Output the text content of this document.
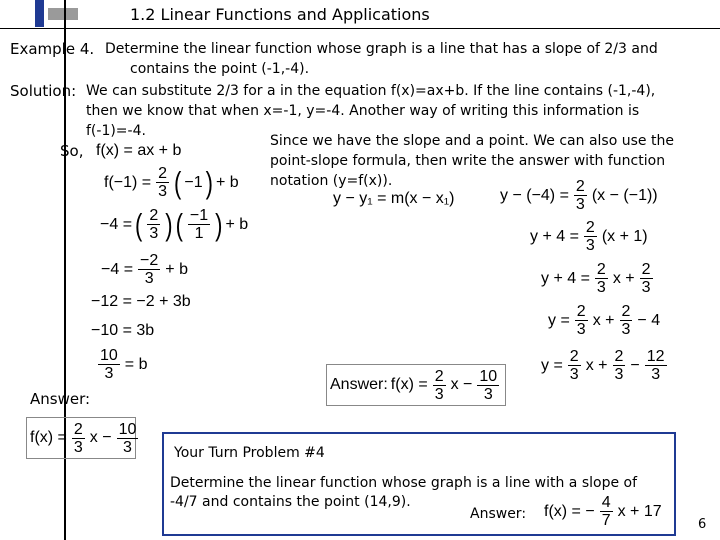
1.2 Linear Functions and Applications
Example 4. Determine the linear function whose graph is a line that has a slope of 2/3 and
contains the point (-1,-4).
Solution: We can substitute 2/3 for a in the equation f(x)=ax+b. If the line contains (-1,-4),
then we know that when x=-1, y=-4. Another way of writing this information is
f(-1)=-4.
So,
Since we have the slope and a point. We can also use the
point-slope formula, then write the answer with function
notation (y=f(x)).
f(x) = ax + b
$f(-1) = \frac{2}{3}$ ( −1 ) + b
−4 = ( $\frac{2}{3}$ ) ( $\frac{-1}{1}$ ) + b
$-4 = \frac{-2}{3} + b$
−12 = −2 + 3b
−10 = 3b
$\frac{10}{3} = b$
y − y₁ = m(x − x₁)	$y - (-4) = \frac{2}{3} (x - (-1))$
$y + 4 = \frac{2}{3} (x + 1)$
$y + 4 = \frac{2}{3}$ $x + \frac{2}{3}$
$y = \frac{2}{3}$ $x + \frac{2}{3} - 4$
$y = \frac{2}{3}$ $x + \frac{2}{3} - \frac{12}{3}$
Answer: $f(x) = \frac{2}{3}$ $x - \frac{10}{3}$
Answer:
$f(x) = \frac{2}{3}$ $x - \frac{10}{3}$	Your Turn Problem #4
Determine the linear function whose graph is a line with a slope of
-4/7 and contains the point (14,9).
Answer: f(x) = − $\frac{4}{7}$ x + 17
6
